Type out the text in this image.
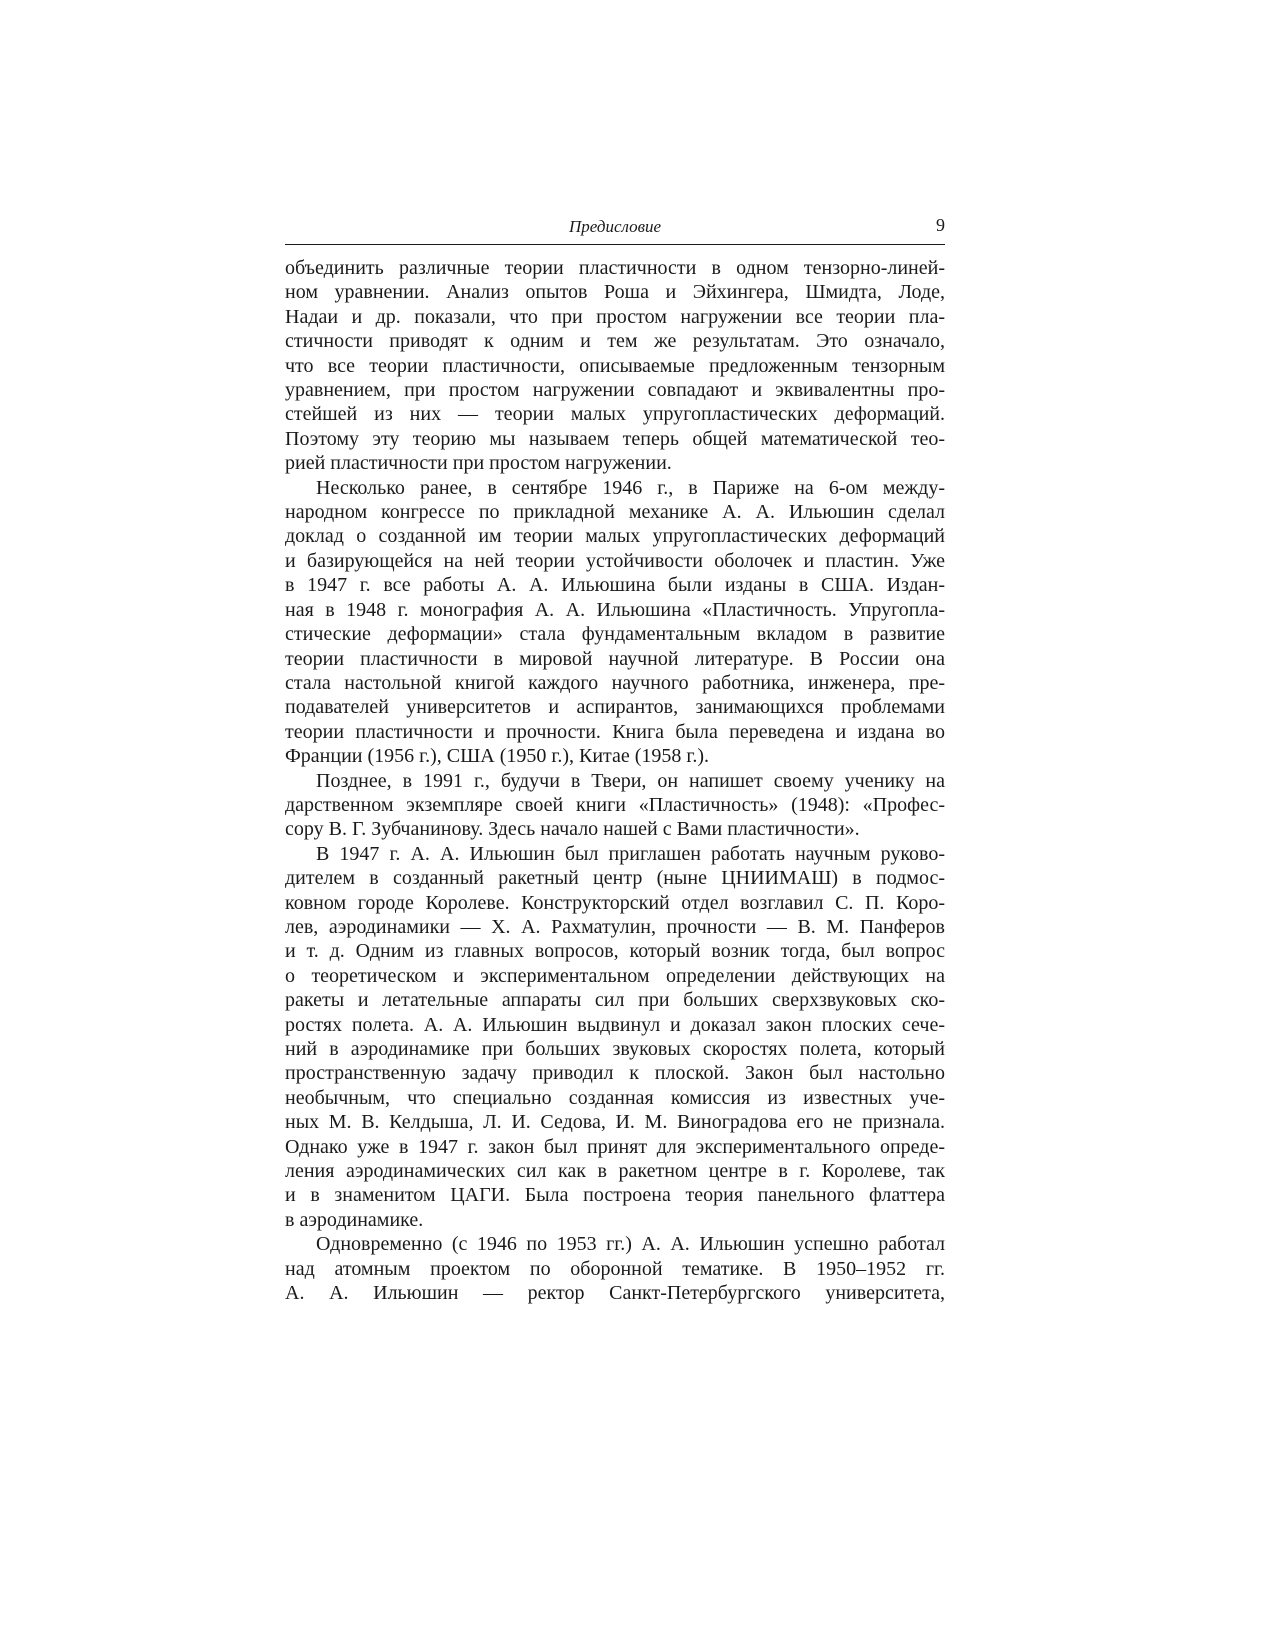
Предисловие	9

объединить различные теории пластичности в одном тензорно-линей-
ном уравнении. Анализ опытов Роша и Эйхингера, Шмидта, Лоде,
Надаи и др. показали, что при простом нагружении все теории пла-
стичности приводят к одним и тем же результатам. Это означало,
что все теории пластичности, описываемые предложенным тензорным
уравнением, при простом нагружении совпадают и эквивалентны про-
стейшей из них — теории малых упругопластических деформаций.
Поэтому эту теорию мы называем теперь общей математической тео-
рией пластичности при простом нагружении.

Несколько ранее, в сентябре 1946 г., в Париже на 6-ом между-
народном конгрессе по прикладной механике А. А. Ильюшин сделал
доклад о созданной им теории малых упругопластических деформаций
и базирующейся на ней теории устойчивости оболочек и пластин. Уже
в 1947 г. все работы А. А. Ильюшина были изданы в США. Издан-
ная в 1948 г. монография А. А. Ильюшина «Пластичность. Упругопла-
стические деформации» стала фундаментальным вкладом в развитие
теории пластичности в мировой научной литературе. В России она
стала настольной книгой каждого научного работника, инженера, пре-
подавателей университетов и аспирантов, занимающихся проблемами
теории пластичности и прочности. Книга была переведена и издана во
Франции (1956 г.), США (1950 г.), Китае (1958 г.).

Позднее, в 1991 г., будучи в Твери, он напишет своему ученику на
дарственном экземпляре своей книги «Пластичность» (1948): «Профес-
сору В. Г. Зубчанинову. Здесь начало нашей с Вами пластичности».

В 1947 г. А. А. Ильюшин был приглашен работать научным руково-
дителем в созданный ракетный центр (ныне ЦНИИМАШ) в подмос-
ковном городе Королеве. Конструкторский отдел возглавил С. П. Коро-
лев, аэродинамики — Х. А. Рахматулин, прочности — В. М. Панферов
и т. д. Одним из главных вопросов, который возник тогда, был вопрос
о теоретическом и экспериментальном определении действующих на
ракеты и летательные аппараты сил при больших сверхзвуковых ско-
ростях полета. А. А. Ильюшин выдвинул и доказал закон плоских сече-
ний в аэродинамике при больших звуковых скоростях полета, который
пространственную задачу приводил к плоской. Закон был настольно
необычным, что специально созданная комиссия из известных уче-
ных М. В. Келдыша, Л. И. Седова, И. М. Виноградова его не признала.
Однако уже в 1947 г. закон был принят для экспериментального опреде-
ления аэродинамических сил как в ракетном центре в г. Королеве, так
и в знаменитом ЦАГИ. Была построена теория панельного флаттера
в аэродинамике.

Одновременно (с 1946 по 1953 гг.) А. А. Ильюшин успешно работал
над атомным проектом по оборонной тематике. В 1950–1952 гг.
А. А. Ильюшин — ректор Санкт-Петербургского университета,
